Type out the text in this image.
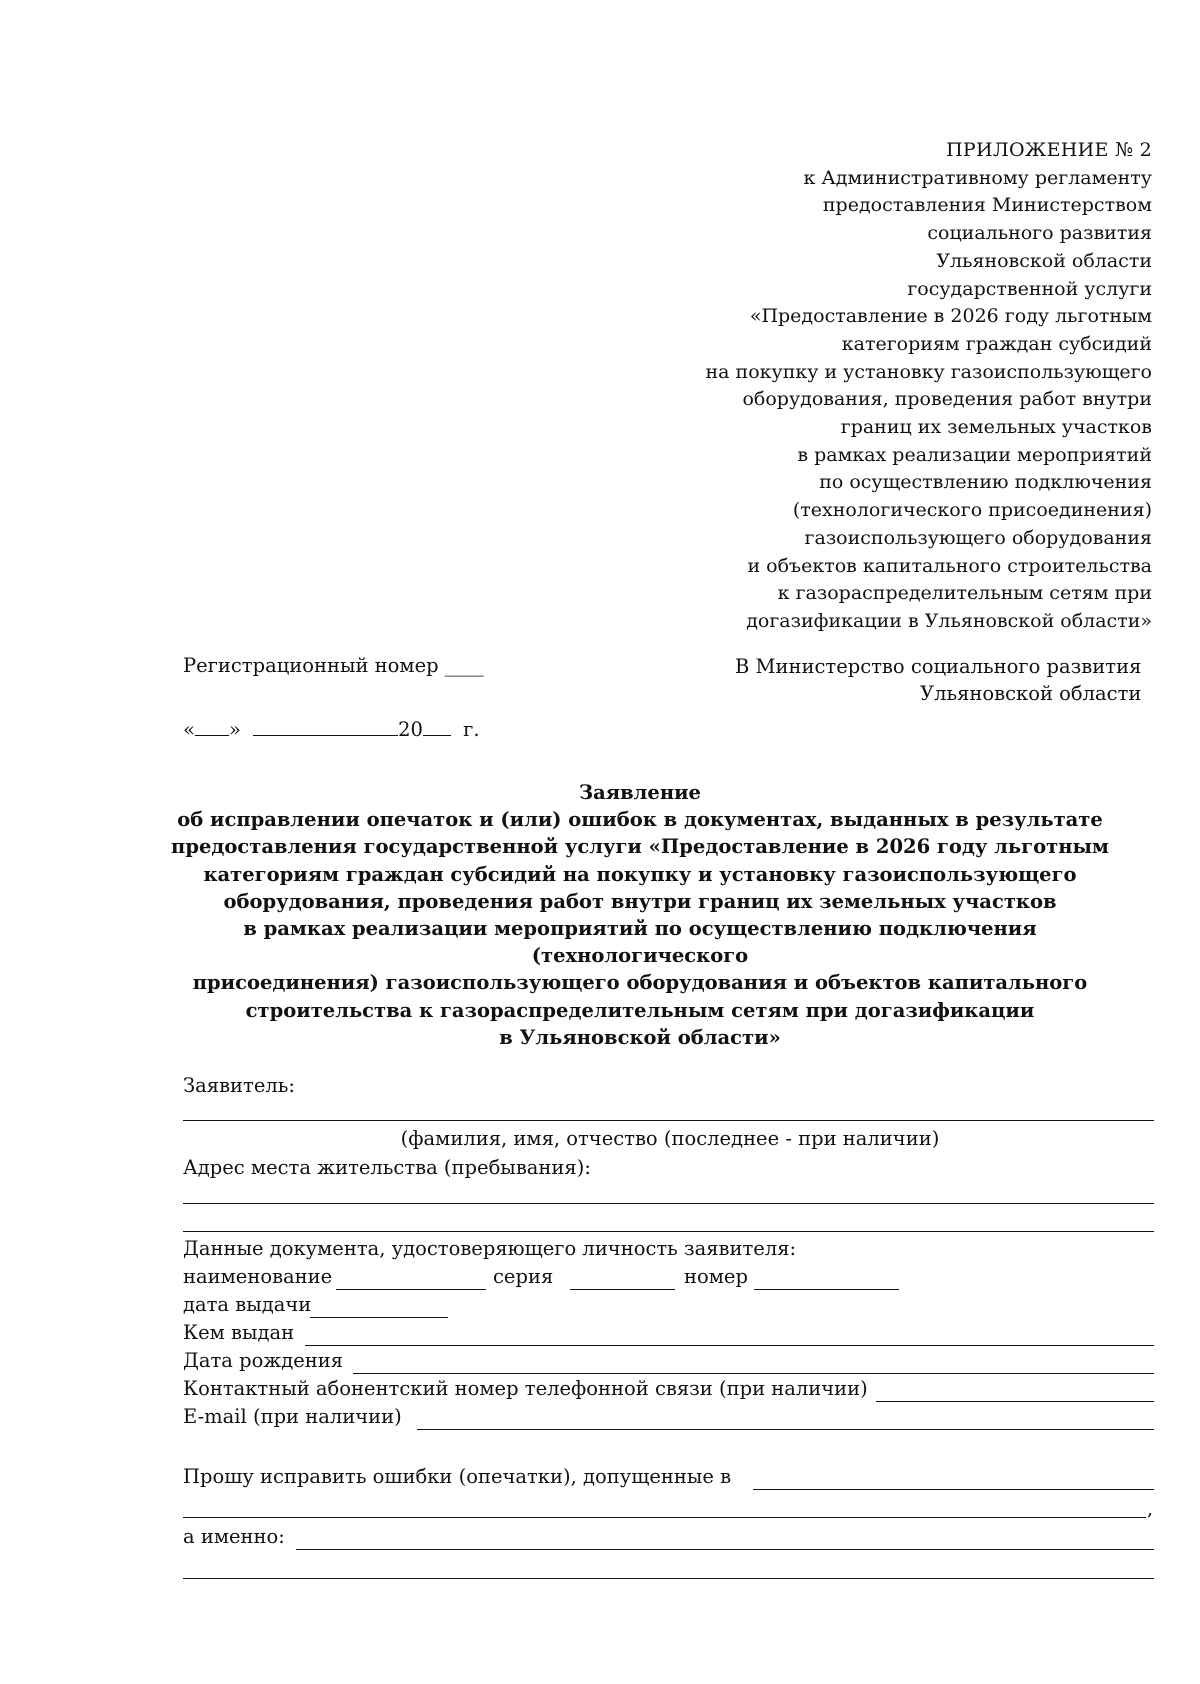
ПРИЛОЖЕНИЕ № 2
к Административному регламенту
предоставления Министерством
социального развития
Ульяновской области
государственной услуги
«Предоставление в 2026 году льготным
категориям граждан субсидий
на покупку и установку газоиспользующего
оборудования, проведения работ внутри
границ их земельных участков
в рамках реализации мероприятий
по осуществлению подключения
(технологического присоединения)
газоиспользующего оборудования
и объектов капитального строительства
к газораспределительным сетям при
догазификации в Ульяновской области»
Регистрационный номер ____	В Министерство социального развития
Ульяновской области
« »	20 г.
Заявление
об исправлении опечаток и (или) ошибок в документах, выданных в результате
предоставления государственной услуги «Предоставление в 2026 году льготным
категориям граждан субсидий на покупку и установку газоиспользующего
оборудования, проведения работ внутри границ их земельных участков
в рамках реализации мероприятий по осуществлению подключения (технологического
присоединения) газоиспользующего оборудования и объектов капитального
строительства к газораспределительным сетям при догазификации
в Ульяновской области»
Заявитель:
(фамилия, имя, отчество (последнее - при наличии)
Адрес места жительства (пребывания):
Данные документа, удостоверяющего личность заявителя:
наименование	серия	номер
дата выдачи
Кем выдан
Дата рождения
Контактный абонентский номер телефонной связи (при наличии)
E-mail (при наличии)
Прошу исправить ошибки (опечатки), допущенные в
,
а именно:
